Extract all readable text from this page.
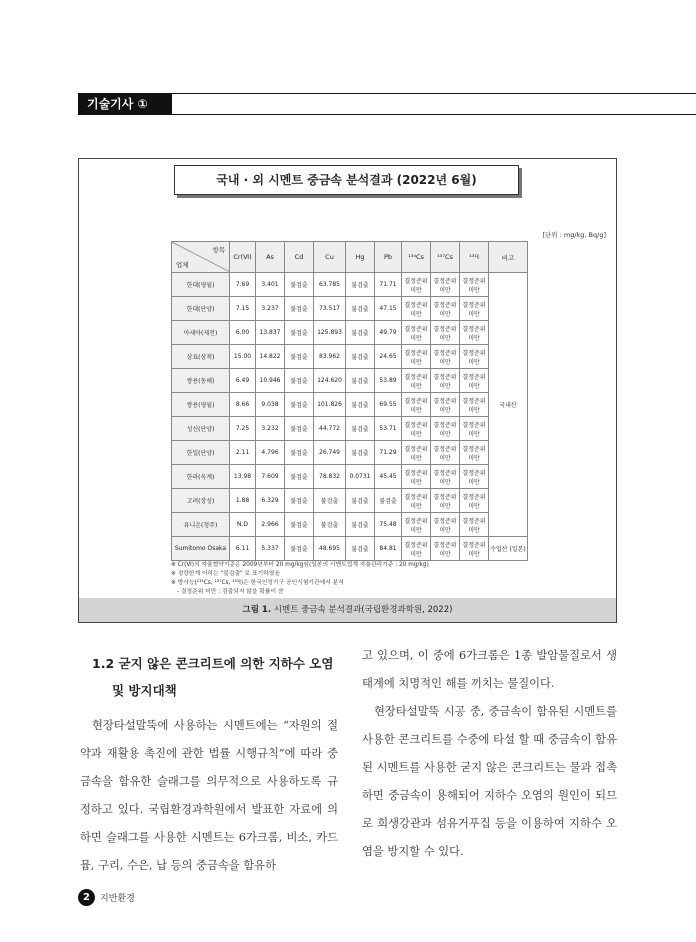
기술기사 ①
국내 · 외 시멘트 중금속 분석결과 (2022년 6월)
[단위 : mg/kg, Bq/g]
항목
업체	Cr(Ⅵ)	As	Cd	Cu	Hg	Pb	¹³⁴Cs	¹³⁷Cs	¹³¹I	비고
한대(영월)	7.69	3.401	불검출	63.785	불검출	71.71	결정준위 미만	결정준위 미만	결정준위 미만	국내산
한대(단양)	7.15	3.237	불검출	73.517	불검출	47.15	결정준위 미만	결정준위 미만	결정준위 미만	
아세아(제천)	6.00	13.837	불검출	125.893	불검출	49.79	결정준위 미만	결정준위 미만	결정준위 미만	
삼표(삼척)	15.00	14.822	불검출	83.962	불검출	24.65	결정준위 미만	결정준위 미만	결정준위 미만	
쌍용(동해)	6.49	10.946	불검출	124.620	불검출	53.89	결정준위 미만	결정준위 미만	결정준위 미만	
쌍용(영월)	8.66	9.038	불검출	101.826	불검출	69.55	결정준위 미만	결정준위 미만	결정준위 미만	
성신(단양)	7.25	3.232	불검출	44.772	불검출	53.71	결정준위 미만	결정준위 미만	결정준위 미만	
한일(단양)	2.11	4.796	불검출	26.749	불검출	71.29	결정준위 미만	결정준위 미만	결정준위 미만	
한라(옥계)	13.98	7.609	불검출	78.832	0.0731	45.45	결정준위 미만	결정준위 미만	결정준위 미만	
고려(장성)	1.88	6.329	불검출	불검출	불검출	불검출	결정준위 미만	결정준위 미만	결정준위 미만	
유니온(청주)	N.D	2.966	불검출	불검출	불검출	75.48	결정준위 미만	결정준위 미만	결정준위 미만	
Sumitomo Osaka	6.11	5.337	불검출	48.695	불검출	84.81	결정준위 미만	결정준위 미만	결정준위 미만	수입산 (일본)
※ Cr(Ⅵ)의 자율협약기준은 2009년부터 20 mg/kg임(일본의 시멘트업계 자율관리기준 : 20 mg/kg)
※ 정량한계 이하는 "불검출" 로 표기하였음
※ 방사능(¹³⁴Cs, ¹³⁷Cs, ¹³¹I)은 한국인정기구 공인시험기관에서 분석
- 결정준위 미만 : 검출되지 않을 확률이 큼
그림 1. 시멘트 중금속 분석결과(국립환경과학원, 2022)
1.2 굳지 않은 콘크리트에 의한 지하수 오염
및 방지대책

현장타설말뚝에 사용하는 시멘트에는 “자원의 절약과 재활용 촉진에 관한 법률 시행규칙”에 따라 중금속을 함유한 슬래그를 의무적으로 사용하도록 규정하고 있다. 국립환경과학원에서 발표한 자료에 의하면 슬래그를 사용한 시멘트는 6가크롬, 비소, 카드뮴, 구리, 수은, 납 등의 중금속을 함유하

고 있으며, 이 중에 6가크롬은 1종 발암물질로서 생태계에 치명적인 해를 끼치는 물질이다.

현장타설말뚝 시공 중, 중금속이 함유된 시멘트를 사용한 콘크리트를 수중에 타설 할 때 중금속이 함유된 시멘트를 사용한 굳지 않은 콘크리트는 물과 접촉하면 중금속이 용해되어 지하수 오염의 원인이 되므로 희생강관과 섬유거푸집 등을 이용하여 지하수 오염을 방지할 수 있다.

2	지반환경
